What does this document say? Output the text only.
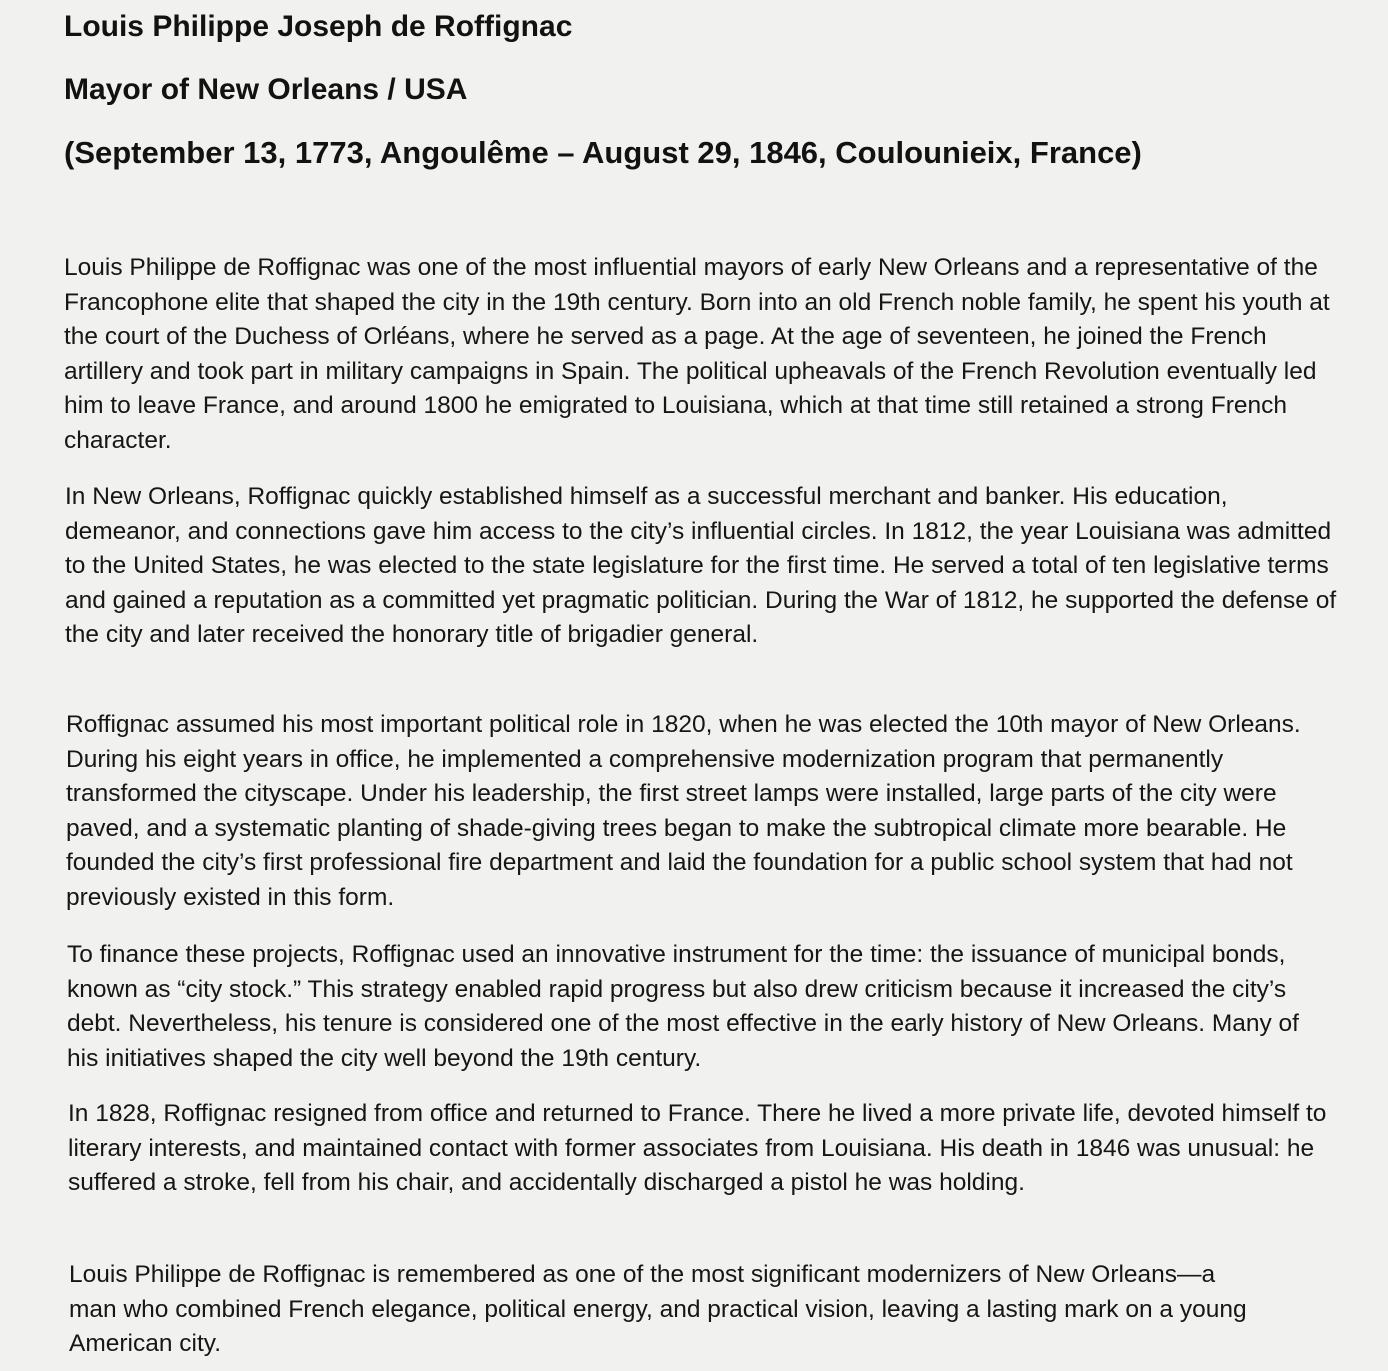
Louis Philippe Joseph de Roffignac
Mayor of New Orleans / USA
(September 13, 1773, Angoulême – August 29, 1846, Coulounieix, France)

Louis Philippe de Roffignac was one of the most influential mayors of early New Orleans and a representative of the Francophone elite that shaped the city in the 19th century. Born into an old French noble family, he spent his youth at the court of the Duchess of Orléans, where he served as a page. At the age of seventeen, he joined the French artillery and took part in military campaigns in Spain. The political upheavals of the French Revolution eventually led him to leave France, and around 1800 he emigrated to Louisiana, which at that time still retained a strong French character.

In New Orleans, Roffignac quickly established himself as a successful merchant and banker. His education, demeanor, and connections gave him access to the city’s influential circles. In 1812, the year Louisiana was admitted to the United States, he was elected to the state legislature for the first time. He served a total of ten legislative terms and gained a reputation as a committed yet pragmatic politician. During the War of 1812, he supported the defense of the city and later received the honorary title of brigadier general.

Roffignac assumed his most important political role in 1820, when he was elected the 10th mayor of New Orleans. During his eight years in office, he implemented a comprehensive modernization program that permanently transformed the cityscape. Under his leadership, the first street lamps were installed, large parts of the city were paved, and a systematic planting of shade-giving trees began to make the subtropical climate more bearable. He founded the city’s first professional fire department and laid the foundation for a public school system that had not previously existed in this form.

To finance these projects, Roffignac used an innovative instrument for the time: the issuance of municipal bonds, known as “city stock.” This strategy enabled rapid progress but also drew criticism because it increased the city’s debt. Nevertheless, his tenure is considered one of the most effective in the early history of New Orleans. Many of his initiatives shaped the city well beyond the 19th century.

In 1828, Roffignac resigned from office and returned to France. There he lived a more private life, devoted himself to literary interests, and maintained contact with former associates from Louisiana. His death in 1846 was unusual: he suffered a stroke, fell from his chair, and accidentally discharged a pistol he was holding.

Louis Philippe de Roffignac is remembered as one of the most significant modernizers of New Orleans—a man who combined French elegance, political energy, and practical vision, leaving a lasting mark on a young American city.
